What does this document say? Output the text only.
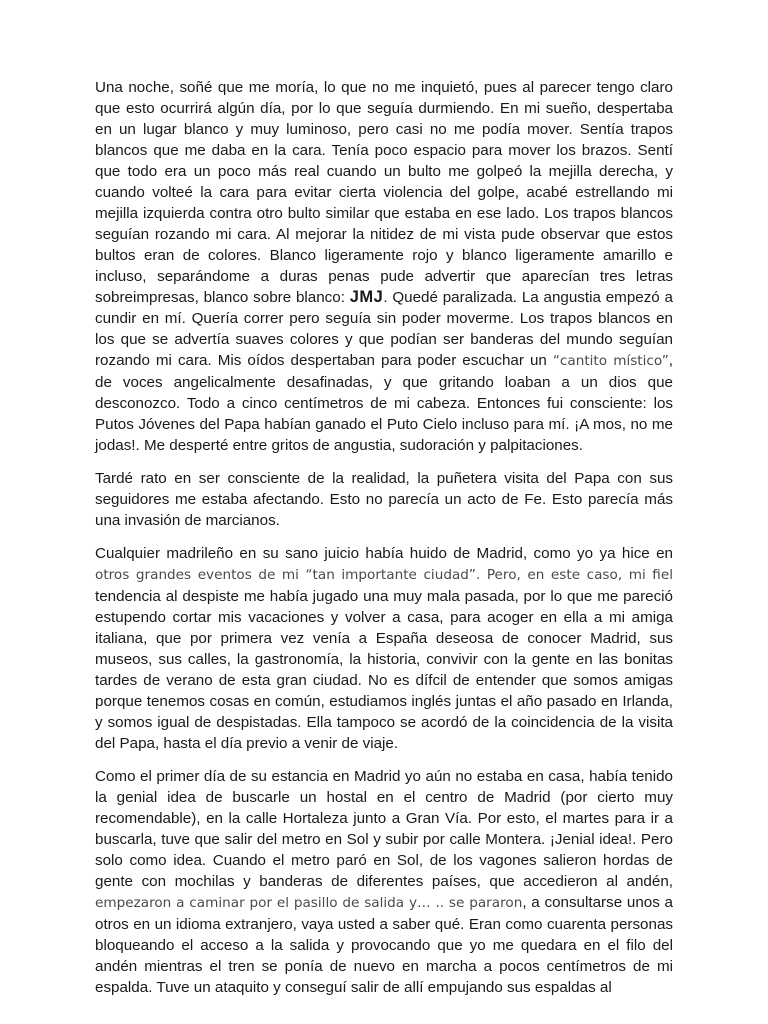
Una noche, soñé que me moría, lo que no me inquietó, pues al parecer tengo claro que esto ocurrirá algún día, por lo que seguía durmiendo. En mi sueño, despertaba en un lugar blanco y muy luminoso, pero casi no me podía mover. Sentía trapos blancos que me daba en la cara. Tenía poco espacio para mover los brazos. Sentí que todo era un poco más real cuando un bulto me golpeó la mejilla derecha, y cuando volteé la cara para evitar cierta violencia del golpe, acabé estrellando mi mejilla izquierda contra otro bulto similar que estaba en ese lado. Los trapos blancos seguían rozando mi cara. Al mejorar la nitidez de mi vista pude observar que estos bultos eran de colores. Blanco ligeramente rojo y blanco ligeramente amarillo e incluso, separándome a duras penas pude advertir que aparecían tres letras sobreimpresas, blanco sobre blanco: JMJ. Quedé paralizada. La angustia empezó a cundir en mí. Quería correr pero seguía sin poder moverme. Los trapos blancos en los que se advertía suaves colores y que podían ser banderas del mundo seguían rozando mi cara. Mis oídos despertaban para poder escuchar un “cantito místico”, de voces angelicalmente desafinadas, y que gritando loaban a un dios que desconozco. Todo a cinco centímetros de mi cabeza. Entonces fui consciente: los Putos Jóvenes del Papa habían ganado el Puto Cielo incluso para mí. ¡A mos, no me jodas!. Me desperté entre gritos de angustia, sudoración y palpitaciones.

Tardé rato en ser consciente de la realidad, la puñetera visita del Papa con sus seguidores me estaba afectando. Esto no parecía un acto de Fe. Esto parecía más una invasión de marcianos.

Cualquier madrileño en su sano juicio había huido de Madrid, como yo ya hice en otros grandes eventos de mi “tan importante ciudad”. Pero, en este caso, mi fiel tendencia al despiste me había jugado una muy mala pasada, por lo que me pareció estupendo cortar mis vacaciones y volver a casa, para acoger en ella a mi amiga italiana, que por primera vez venía a España deseosa de conocer Madrid, sus museos, sus calles, la gastronomía, la historia, convivir con la gente en las bonitas tardes de verano de esta gran ciudad. No es dífcil de entender que somos amigas porque tenemos cosas en común, estudiamos inglés juntas el año pasado en Irlanda, y somos igual de despistadas. Ella tampoco se acordó de la coincidencia de la visita del Papa, hasta el día previo a venir de viaje.

Como el primer día de su estancia en Madrid yo aún no estaba en casa, había tenido la genial idea de buscarle un hostal en el centro de Madrid (por cierto muy recomendable), en la calle Hortaleza junto a Gran Vía. Por esto, el martes para ir a buscarla, tuve que salir del metro en Sol y subir por calle Montera. ¡Jenial idea!. Pero solo como idea. Cuando el metro paró en Sol, de los vagones salieron hordas de gente con mochilas y banderas de diferentes países, que accedieron al andén, empezaron a caminar por el pasillo de salida y… .. se pararon, a consultarse unos a otros en un idioma extranjero, vaya usted a saber qué. Eran como cuarenta personas bloqueando el acceso a la salida y provocando que yo me quedara en el filo del andén mientras el tren se ponía de nuevo en marcha a pocos centímetros de mi espalda. Tuve un ataquito y conseguí salir de allí empujando sus espaldas al
